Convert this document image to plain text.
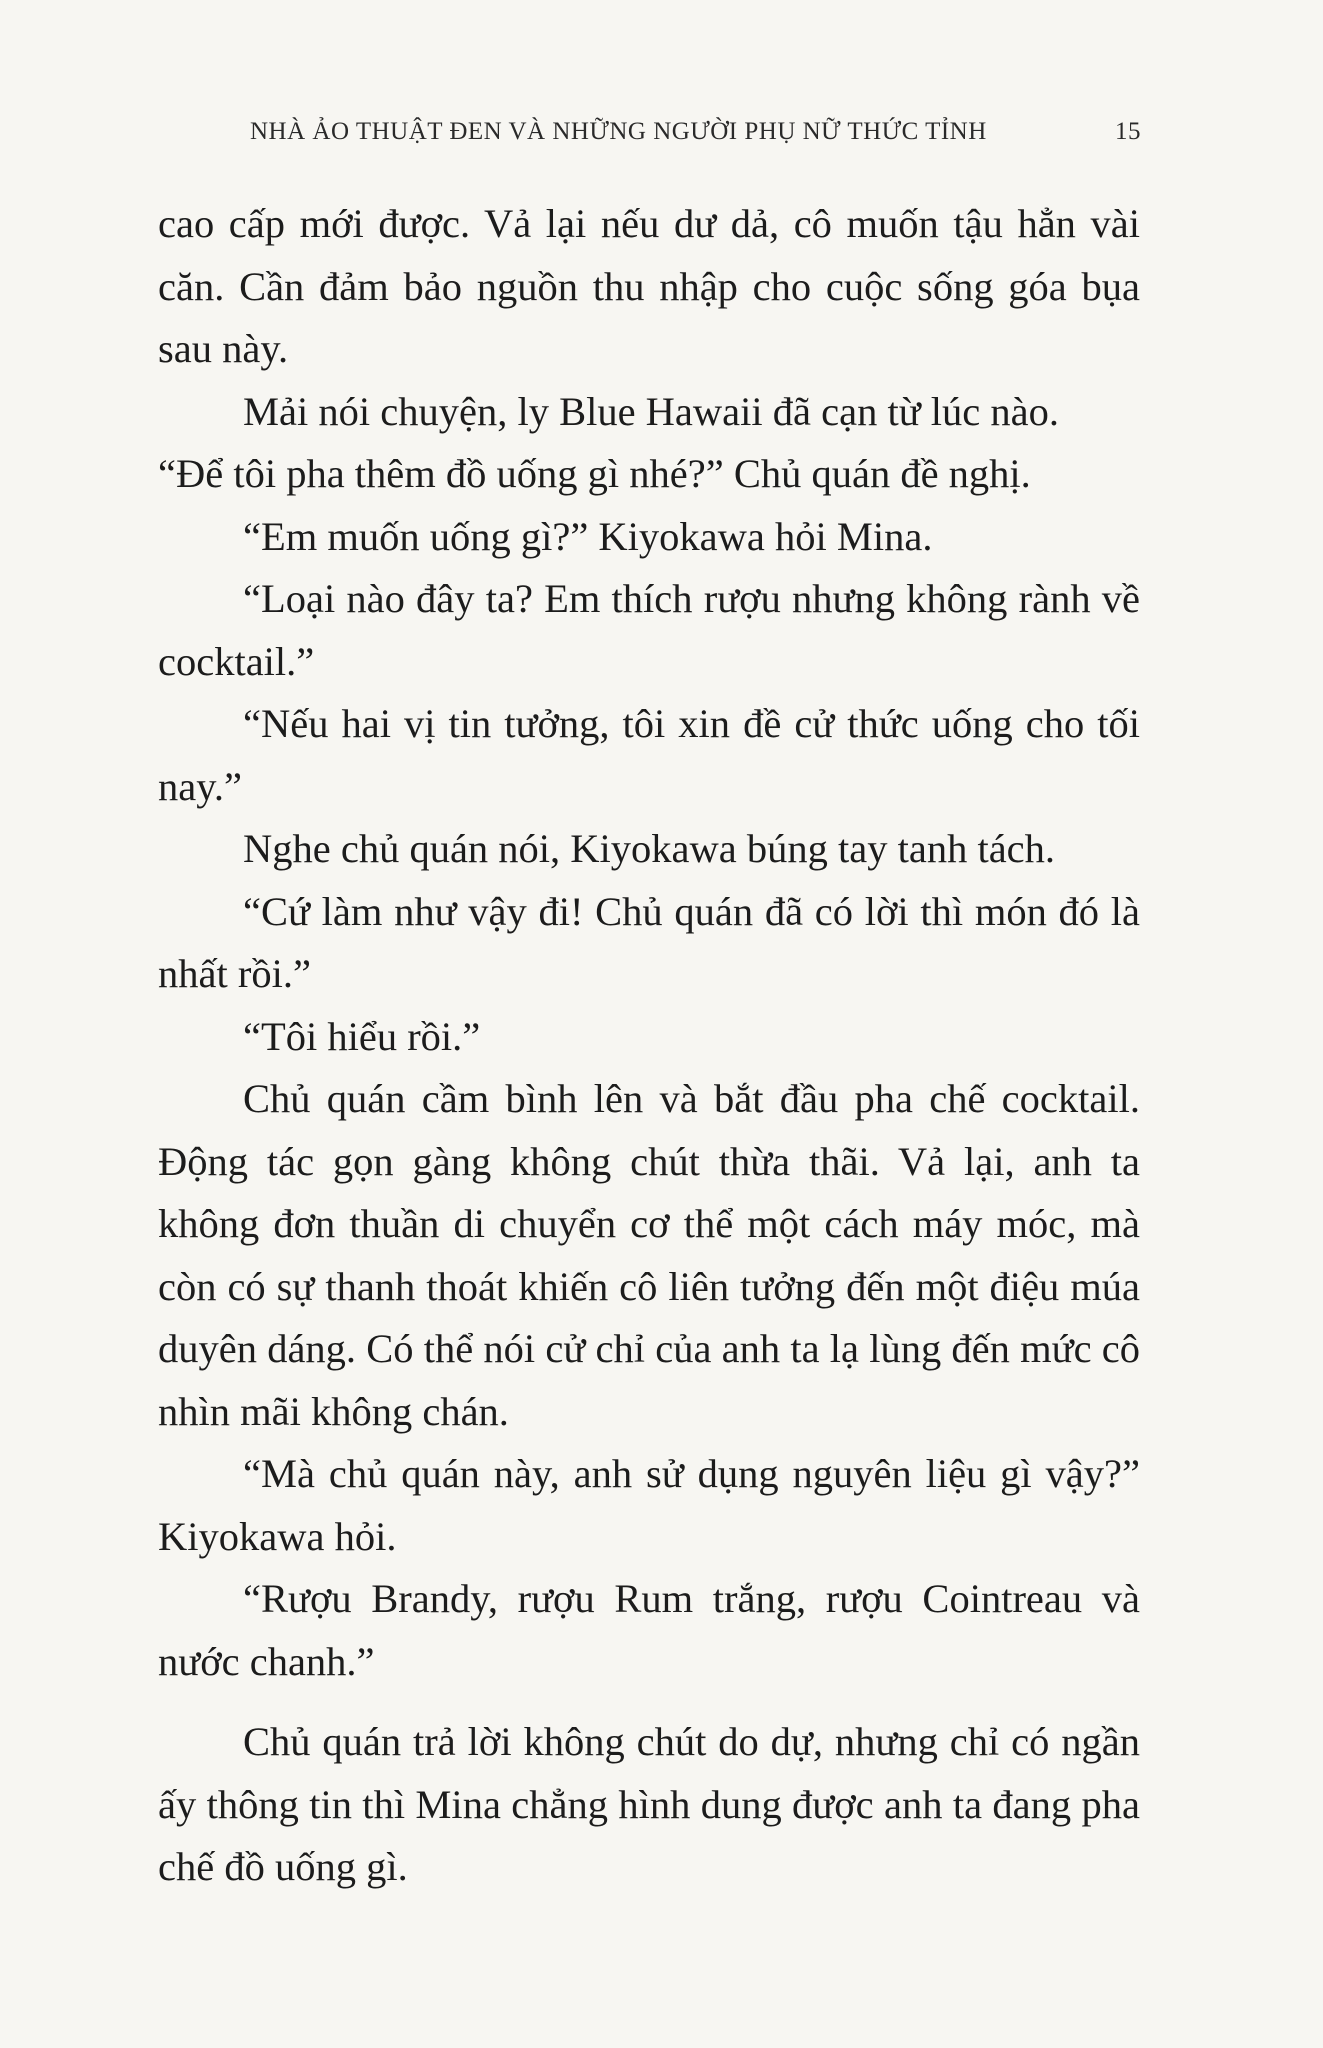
NHÀ ẢO THUẬT ĐEN VÀ NHỮNG NGƯỜI PHỤ NỮ THỨC TỈNH	15

cao cấp mới được. Vả lại nếu dư dả, cô muốn tậu hẳn vài căn. Cần đảm bảo nguồn thu nhập cho cuộc sống góa bụa sau này.

Mải nói chuyện, ly Blue Hawaii đã cạn từ lúc nào.

“Để tôi pha thêm đồ uống gì nhé?” Chủ quán đề nghị.

“Em muốn uống gì?” Kiyokawa hỏi Mina.

“Loại nào đây ta? Em thích rượu nhưng không rành về cocktail.”

“Nếu hai vị tin tưởng, tôi xin đề cử thức uống cho tối nay.”

Nghe chủ quán nói, Kiyokawa búng tay tanh tách.

“Cứ làm như vậy đi! Chủ quán đã có lời thì món đó là nhất rồi.”

“Tôi hiểu rồi.”

Chủ quán cầm bình lên và bắt đầu pha chế cocktail. Động tác gọn gàng không chút thừa thãi. Vả lại, anh ta không đơn thuần di chuyển cơ thể một cách máy móc, mà còn có sự thanh thoát khiến cô liên tưởng đến một điệu múa duyên dáng. Có thể nói cử chỉ của anh ta lạ lùng đến mức cô nhìn mãi không chán.

“Mà chủ quán này, anh sử dụng nguyên liệu gì vậy?” Kiyokawa hỏi.

“Rượu Brandy, rượu Rum trắng, rượu Cointreau và nước chanh.”

Chủ quán trả lời không chút do dự, nhưng chỉ có ngần ấy thông tin thì Mina chẳng hình dung được anh ta đang pha chế đồ uống gì.
